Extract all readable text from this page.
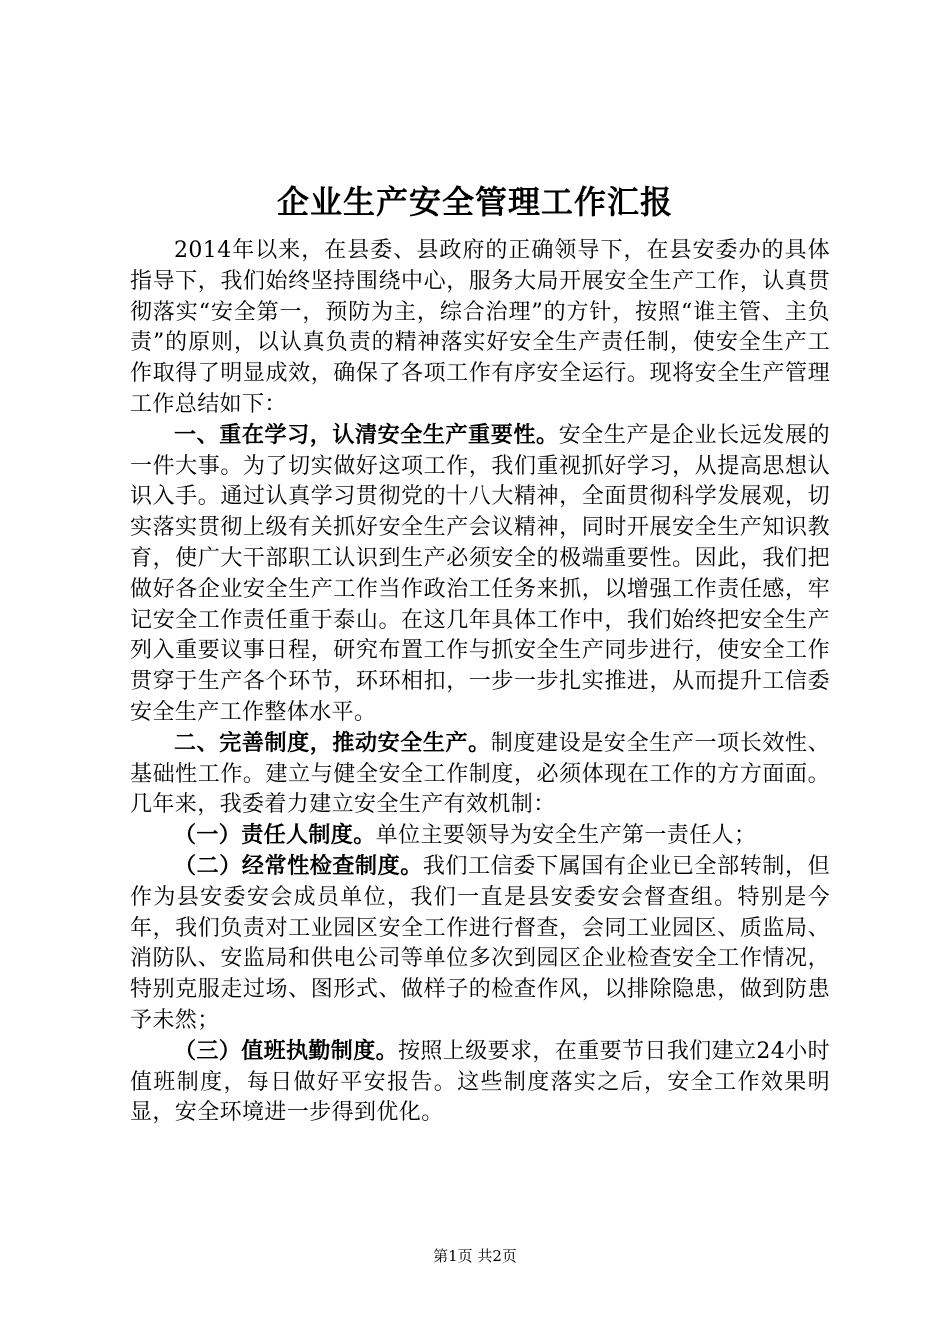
企业生产安全管理工作汇报

2014年以来，在县委、县政府的正确领导下，在县安委办的具体指导下，我们始终坚持围绕中心，服务大局开展安全生产工作，认真贯彻落实“安全第一，预防为主，综合治理”的方针，按照“谁主管、主负责”的原则，以认真负责的精神落实好安全生产责任制，使安全生产工作取得了明显成效，确保了各项工作有序安全运行。现将安全生产管理工作总结如下：

一、重在学习，认清安全生产重要性。安全生产是企业长远发展的一件大事。为了切实做好这项工作，我们重视抓好学习，从提高思想认识入手。通过认真学习贯彻党的十八大精神，全面贯彻科学发展观，切实落实贯彻上级有关抓好安全生产会议精神，同时开展安全生产知识教育，使广大干部职工认识到生产必须安全的极端重要性。因此，我们把做好各企业安全生产工作当作政治工任务来抓，以增强工作责任感，牢记安全工作责任重于泰山。在这几年具体工作中，我们始终把安全生产列入重要议事日程，研究布置工作与抓安全生产同步进行，使安全工作贯穿于生产各个环节，环环相扣，一步一步扎实推进，从而提升工信委安全生产工作整体水平。

二、完善制度，推动安全生产。制度建设是安全生产一项长效性、基础性工作。建立与健全安全工作制度，必须体现在工作的方方面面。几年来，我委着力建立安全生产有效机制：

（一）责任人制度。单位主要领导为安全生产第一责任人；

（二）经常性检查制度。我们工信委下属国有企业已全部转制，但作为县安委安会成员单位，我们一直是县安委安会督查组。特别是今年，我们负责对工业园区安全工作进行督查，会同工业园区、质监局、消防队、安监局和供电公司等单位多次到园区企业检查安全工作情况，特别克服走过场、图形式、做样子的检查作风，以排除隐患，做到防患予未然；

（三）值班执勤制度。按照上级要求，在重要节日我们建立24小时值班制度，每日做好平安报告。这些制度落实之后，安全工作效果明显，安全环境进一步得到优化。

第1页 共2页
